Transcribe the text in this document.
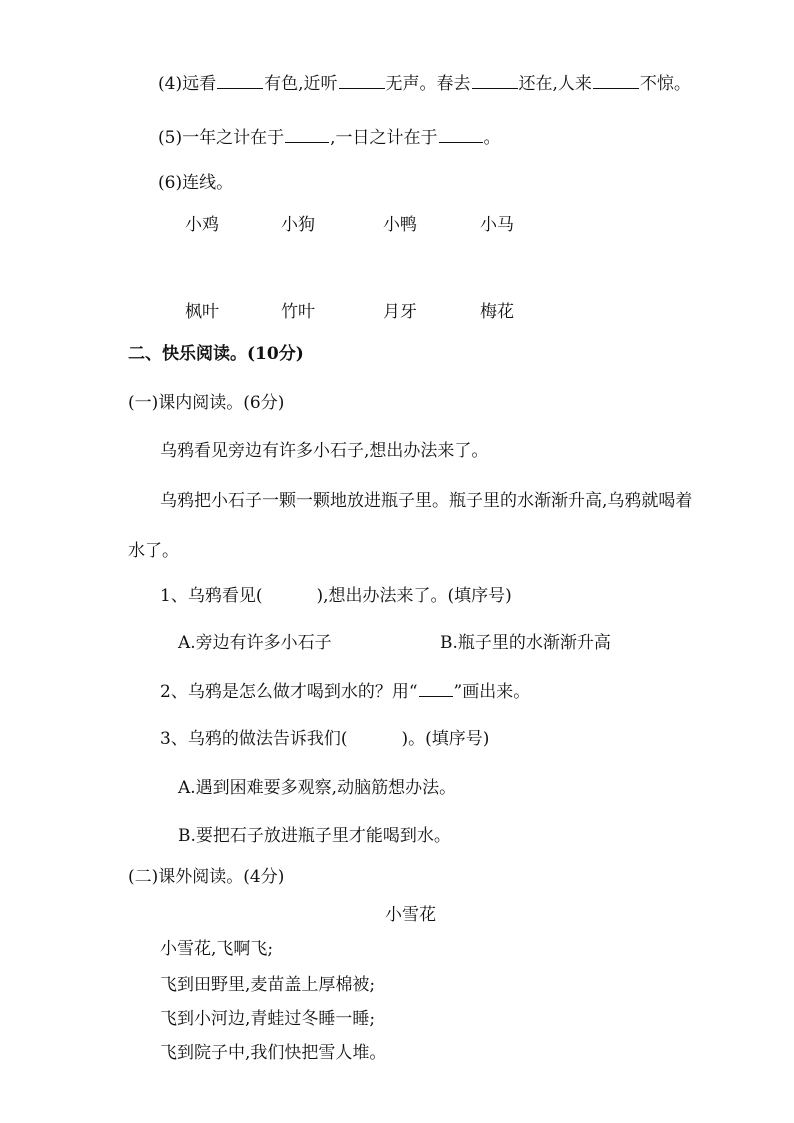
(4)远看	有色,近听	无声。春去	还在,人来	不惊。
(5)一年之计在于	,一日之计在于	。
(6)连线。
小鸡	小狗	小鸭	小马
枫叶	竹叶	月牙	梅花
二、快乐阅读。(10分)
(一)课内阅读。(6分)
乌鸦看见旁边有许多小石子,想出办法来了。
乌鸦把小石子一颗一颗地放进瓶子里。瓶子里的水渐渐升高,乌鸦就喝着
水了。
1、乌鸦看见(	),想出办法来了。(填序号)
A.旁边有许多小石子	B.瓶子里的水渐渐升高
2、乌鸦是怎么做才喝到水的？用“ ”画出来。
3、乌鸦的做法告诉我们(	)。(填序号)
A.遇到困难要多观察,动脑筋想办法。
B.要把石子放进瓶子里才能喝到水。
(二)课外阅读。(4分)
小雪花
小雪花,飞啊飞;
飞到田野里,麦苗盖上厚棉被;
飞到小河边,青蛙过冬睡一睡;
飞到院子中,我们快把雪人堆。
